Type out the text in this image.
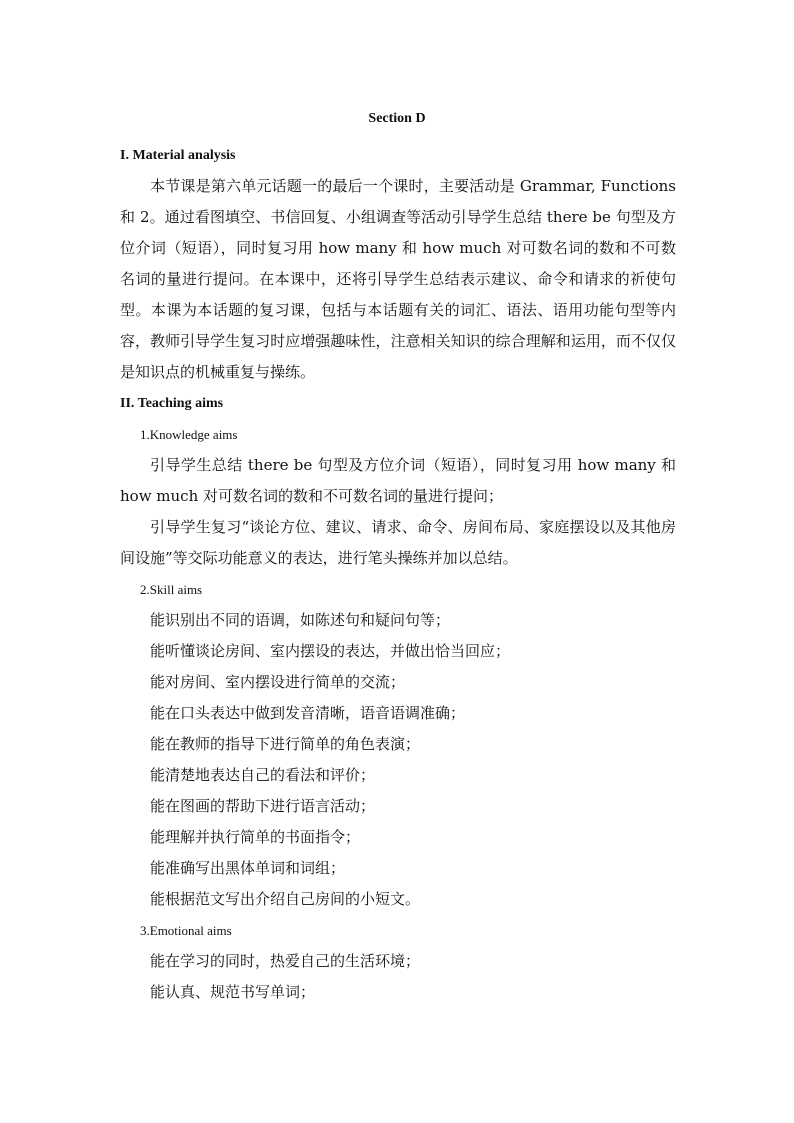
Section D

I. Material analysis

本节课是第六单元话题一的最后一个课时，主要活动是 Grammar, Functions 和 2。通过看图填空、书信回复、小组调查等活动引导学生总结 there be 句型及方位介词（短语），同时复习用 how many 和 how much 对可数名词的数和不可数名词的量进行提问。在本课中，还将引导学生总结表示建议、命令和请求的祈使句型。本课为本话题的复习课，包括与本话题有关的词汇、语法、语用功能句型等内容，教师引导学生复习时应增强趣味性，注意相关知识的综合理解和运用，而不仅仅是知识点的机械重复与操练。

II. Teaching aims

1.Knowledge aims

引导学生总结 there be 句型及方位介词（短语），同时复习用 how many 和 how much 对可数名词的数和不可数名词的量进行提问；

引导学生复习“谈论方位、建议、请求、命令、房间布局、家庭摆设以及其他房间设施”等交际功能意义的表达，进行笔头操练并加以总结。

2.Skill aims

能识别出不同的语调，如陈述句和疑问句等；

能听懂谈论房间、室内摆设的表达，并做出恰当回应；

能对房间、室内摆设进行简单的交流；

能在口头表达中做到发音清晰，语音语调准确；

能在教师的指导下进行简单的角色表演；

能清楚地表达自己的看法和评价；

能在图画的帮助下进行语言活动；

能理解并执行简单的书面指令；

能准确写出黑体单词和词组；

能根据范文写出介绍自己房间的小短文。

3.Emotional aims

能在学习的同时，热爱自己的生活环境；

能认真、规范书写单词；
